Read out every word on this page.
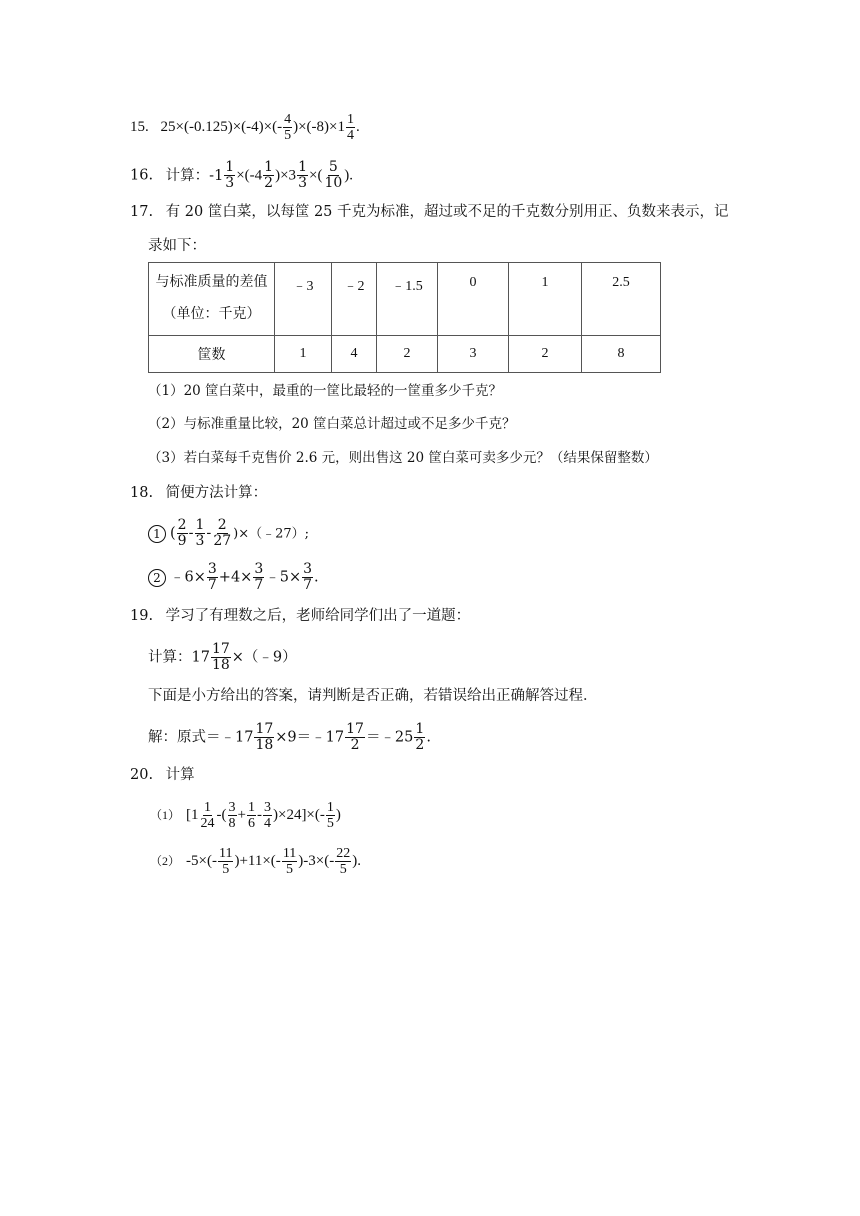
15. $25\times(-0.125)\times(-4)\times(- \frac{4}{5} )\times(-8)\times 1 \frac{1}{4}$ .
16. 计算：$-1 \frac{1}{3} \times(-4 \frac{1}{2} )\times 3 \frac{1}{3}$ ×( $\frac{5}{10}$ ).
17. 有 20 筐白菜，以每筐 25 千克为标准，超过或不足的千克数分别用正、负数来表示，记
录如下：
与标准质量的差值
（单位：千克）	﹣3	﹣2	﹣1.5	0	1	2.5
筐数	1	4	2	3	2	8
（1）20 筐白菜中，最重的一筐比最轻的一筐重多少千克？
（2）与标准重量比较，20 筐白菜总计超过或不足多少千克？
（3）若白菜每千克售价 2.6 元，则出售这 20 筐白菜可卖多少元？（结果保留整数）
18. 简便方法计算：
1 ( $\frac{2}{9} - \frac{1}{3} - \frac{2}{27}$ )×（﹣27）;
2 ﹣6× $\frac{3}{7} +4\times \frac{3}{7}$ ﹣5× $\frac{3}{7}$ .
19. 学习了有理数之后，老师给同学们出了一道题：
计算：$17 \frac{17}{18}$ ×（﹣9）
下面是小方给出的答案，请判断是否正确，若错误给出正确解答过程．
解：原式＝﹣17 $\frac{17}{18}$ ×9＝﹣17 $\frac{17}{2}$ ＝﹣25 $\frac{1}{2}$ .
20. 计算
（1） [$1 \frac{1}{24}$ -( $\frac{3}{8} + \frac{1}{6} - \frac{3}{4} )\times 24]\times(- \frac{1}{5}$ )
（2） $-5\times(- \frac{11}{5} )+11\times(- \frac{11}{5} )-3\times(- \frac{22}{5}$ ).
